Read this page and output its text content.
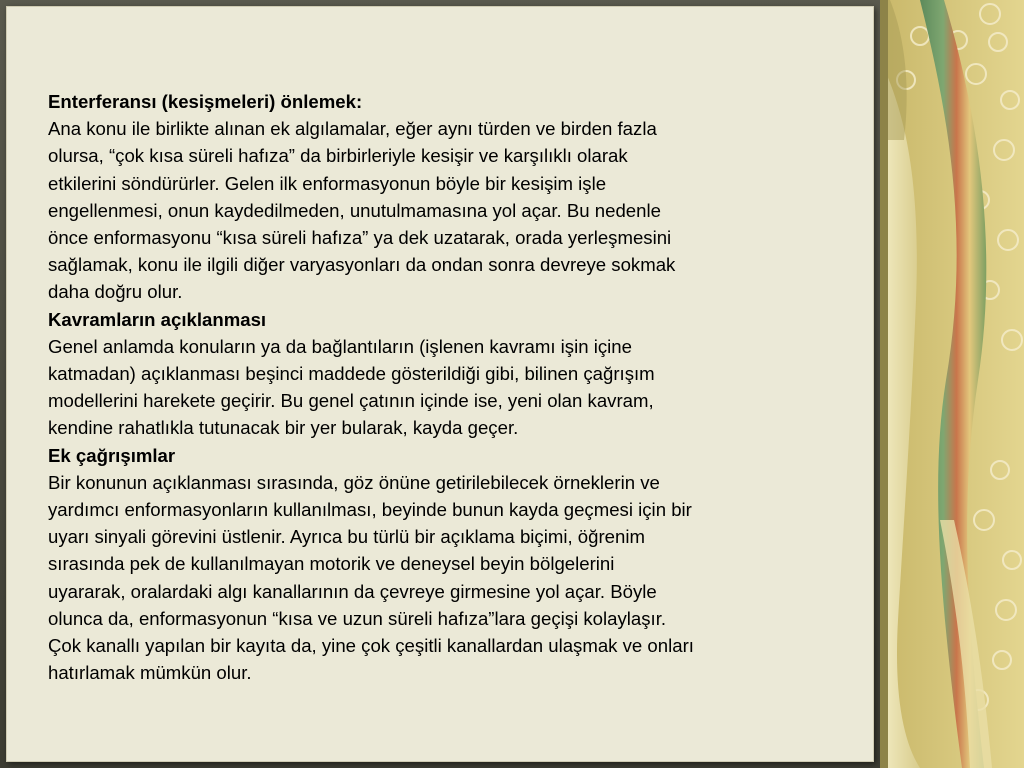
Enterferansı (kesişmeleri) önlemek:

Ana konu ile birlikte alınan ek algılamalar, eğer aynı türden ve birden fazla

olursa, “çok kısa süreli hafıza” da birbirleriyle kesişir ve karşılıklı olarak

etkilerini söndürürler. Gelen ilk enformasyonun böyle bir kesişim işle

engellenmesi, onun kaydedilmeden, unutulmamasına yol açar. Bu nedenle

önce enformasyonu “kısa süreli hafıza” ya dek uzatarak, orada yerleşmesini

sağlamak, konu ile ilgili diğer varyasyonları da ondan sonra devreye sokmak

daha doğru olur.

Kavramların açıklanması

Genel anlamda konuların ya da bağlantıların (işlenen kavramı işin içine

katmadan) açıklanması beşinci maddede gösterildiği gibi, bilinen çağrışım

modellerini harekete geçirir. Bu genel çatının içinde ise, yeni olan kavram,

kendine rahatlıkla tutunacak bir yer bularak, kayda geçer.

Ek çağrışımlar

Bir konunun açıklanması sırasında, göz önüne getirilebilecek örneklerin ve

yardımcı enformasyonların kullanılması, beyinde bunun kayda geçmesi için bir

uyarı sinyali görevini üstlenir. Ayrıca bu türlü bir açıklama biçimi, öğrenim

sırasında pek de kullanılmayan motorik ve deneysel beyin bölgelerini

uyararak, oralardaki algı kanallarının da çevreye girmesine yol açar. Böyle

olunca da, enformasyonun “kısa ve uzun süreli hafıza”lara geçişi kolaylaşır.

Çok kanallı yapılan bir kayıta da, yine çok çeşitli kanallardan ulaşmak ve onları

hatırlamak mümkün olur.
